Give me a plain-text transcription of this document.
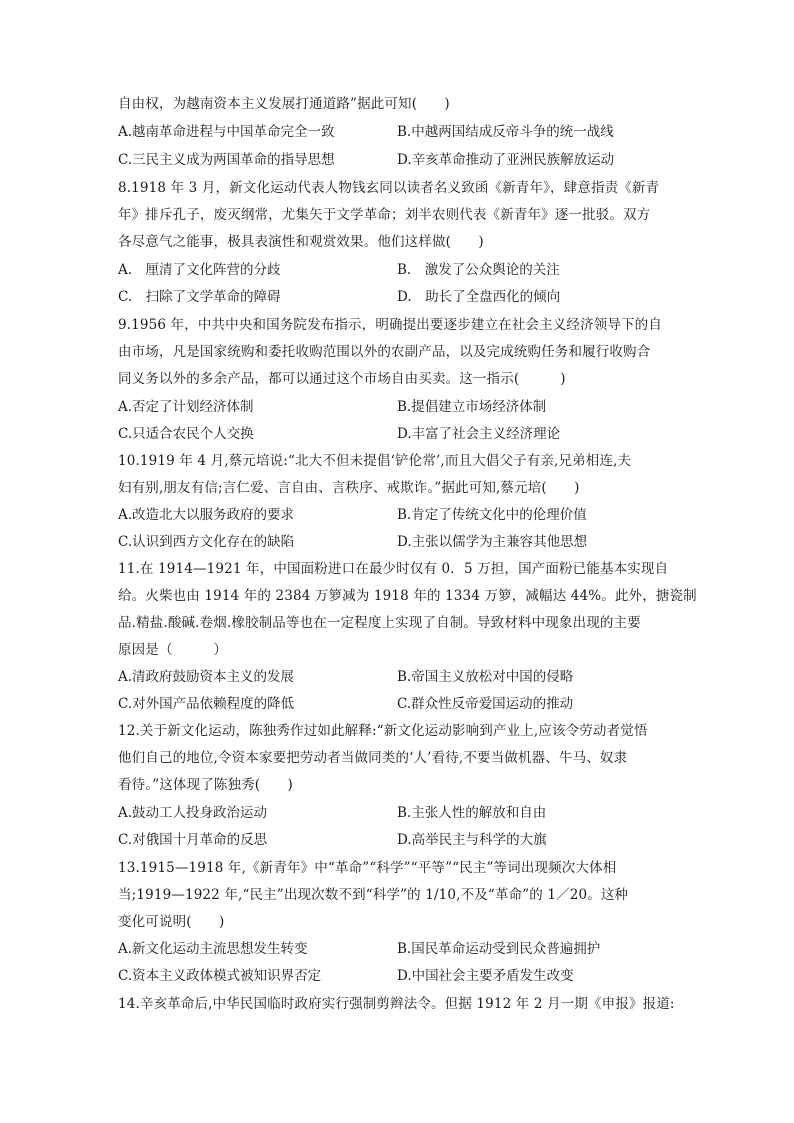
自由权，为越南资本主义发展打通道路”据此可知(　　)
A.越南革命进程与中国革命完全一致	B.中越两国结成反帝斗争的统一战线
C.三民主义成为两国革命的指导思想	D.辛亥革命推动了亚洲民族解放运动
8.1918 年 3 月，新文化运动代表人物钱玄同以读者名义致函《新青年》，肆意指责《新青
年》排斥孔子，废灭纲常，尤集矢于文学革命；刘半农则代表《新青年》逐一批驳。双方
各尽意气之能事，极具表演性和观赏效果。他们这样做(　　)
A.　厘清了文化阵营的分歧	B.　激发了公众舆论的关注
C.　扫除了文学革命的障碍	D.　助长了全盘西化的倾向
9.1956 年，中共中央和国务院发布指示，明确提出要逐步建立在社会主义经济领导下的自
由市场，凡是国家统购和委托收购范围以外的农副产品，以及完成统购任务和履行收购合
同义务以外的多余产品，都可以通过这个市场自由买卖。这一指示(　　　)
A.否定了计划经济体制	B.提倡建立市场经济体制
C.只适合农民个人交换	D.丰富了社会主义经济理论
10.1919 年 4 月,蔡元培说:“北大不但未提倡‘铲伦常’,而且大倡父子有亲,兄弟相连,夫
妇有别,朋友有信;言仁爱、言自由、言秩序、戒欺诈。”据此可知,蔡元培(　　)
A.改造北大以服务政府的要求	B.肯定了传统文化中的伦理价值
C.认识到西方文化存在的缺陷	D.主张以儒学为主兼容其他思想
11.在 1914—1921 年，中国面粉进口在最少时仅有 0．5 万担，国产面粉已能基本实现自
给。火柴也由 1914 年的 2384 万箩减为 1918 年的 1334 万箩，减幅达 44%。此外，搪瓷制
品.精盐.酸碱.卷烟.橡胶制品等也在一定程度上实现了自制。导致材料中现象出现的主要
原因是（　　　）
A.清政府鼓励资本主义的发展	B.帝国主义放松对中国的侵略
C.对外国产品依赖程度的降低	C.群众性反帝爱国运动的推动
12.关于新文化运动，陈独秀作过如此解释:“新文化运动影响到产业上,应该令劳动者觉悟
他们自己的地位,令资本家要把劳动者当做同类的‘人’看待,不要当做机器、牛马、奴隶
看待。”这体现了陈独秀(　　)
A.鼓动工人投身政治运动	B.主张人性的解放和自由
C.对俄国十月革命的反思	D.高举民主与科学的大旗
13.1915—1918 年,《新青年》中“革命”“科学”“平等”“民主”等词出现频次大体相
当;1919—1922 年,“民主”出现次数不到“科学”的 1/10,不及“革命”的 1／20。这种
变化可说明(　　)
A.新文化运动主流思想发生转变	B.国民革命运动受到民众普遍拥护
C.资本主义政体模式被知识界否定	D.中国社会主要矛盾发生改变
14.辛亥革命后,中华民国临时政府实行强制剪辫法令。但据 1912 年 2 月一期《申报》报道:
